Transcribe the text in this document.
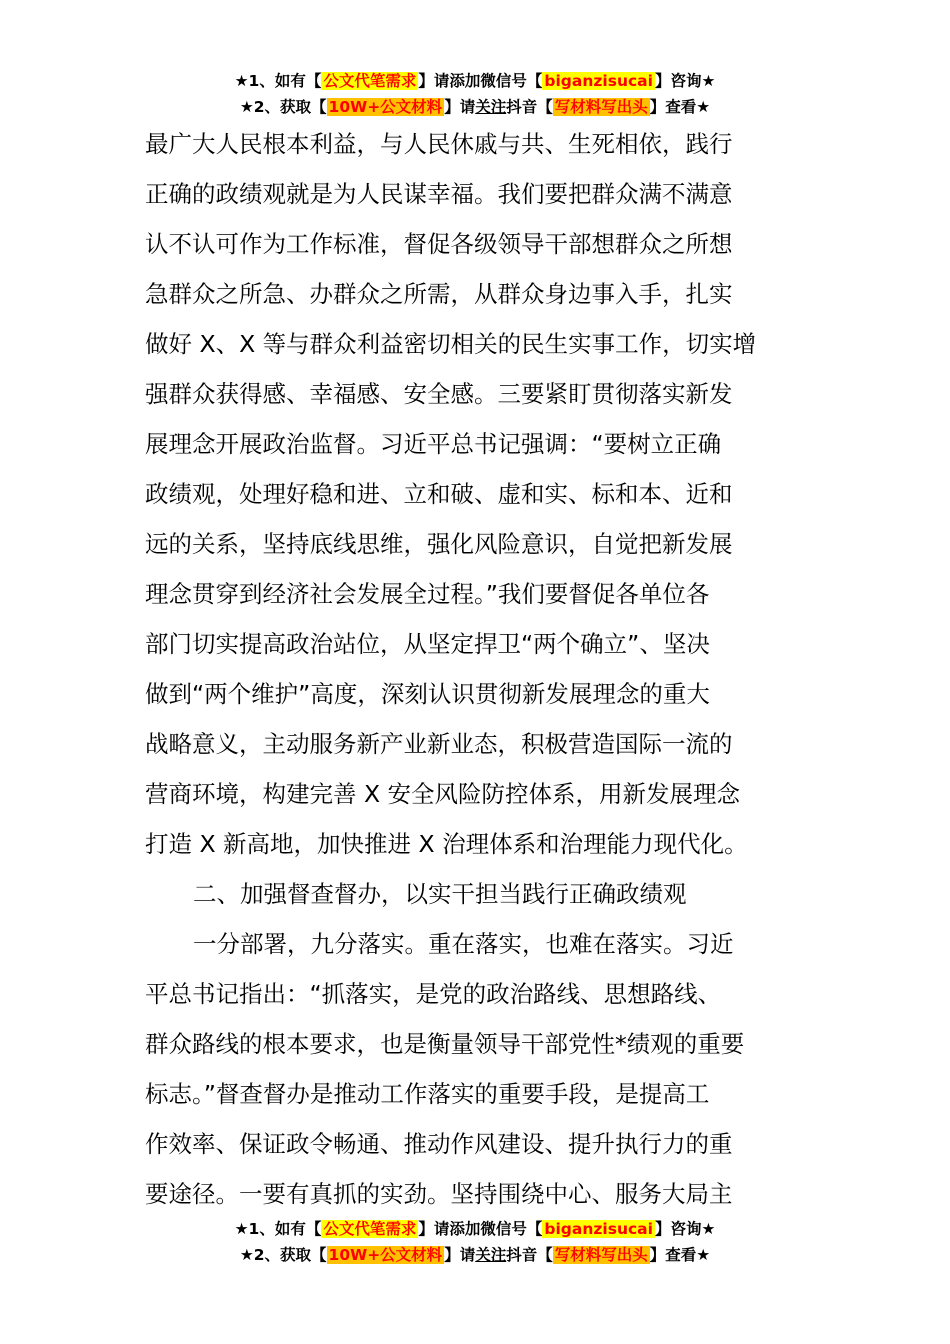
★1、如有【 公文代笔需求 】请添加微信号【 biganzisucai 】咨询★
★2、获取【 10W+公文材料 】请关注抖音【 写材料写出头 】查看★
最广大人民根本利益，与人民休戚与共、生死相依，践行
正确的政绩观就是为人民谋幸福。我们要把群众满不满意
认不认可作为工作标准，督促各级领导干部想群众之所想
急群众之所急、办群众之所需，从群众身边事入手，扎实
做好 X、X 等与群众利益密切相关的民生实事工作，切实增
强群众获得感、幸福感、安全感。三要紧盯贯彻落实新发
展理念开展政治监督。习近平总书记强调：“要树立正确
政绩观，处理好稳和进、立和破、虚和实、标和本、近和
远的关系，坚持底线思维，强化风险意识，自觉把新发展
理念贯穿到经济社会发展全过程。”我们要督促各单位各
部门切实提高政治站位，从坚定捍卫“两个确立”、坚决
做到“两个维护”高度，深刻认识贯彻新发展理念的重大
战略意义，主动服务新产业新业态，积极营造国际一流的
营商环境，构建完善 X 安全风险防控体系，用新发展理念
打造 X 新高地，加快推进 X 治理体系和治理能力现代化。
二、加强督查督办，以实干担当践行正确政绩观
一分部署，九分落实。重在落实，也难在落实。习近
平总书记指出：“抓落实，是党的政治路线、思想路线、
群众路线的根本要求，也是衡量领导干部党性*绩观的重要
标志。”督查督办是推动工作落实的重要手段，是提高工
作效率、保证政令畅通、推动作风建设、提升执行力的重
要途径。一要有真抓的实劲。坚持围绕中心、服务大局主
★1、如有【 公文代笔需求 】请添加微信号【 biganzisucai 】咨询★
★2、获取【 10W+公文材料 】请关注抖音【 写材料写出头 】查看★
